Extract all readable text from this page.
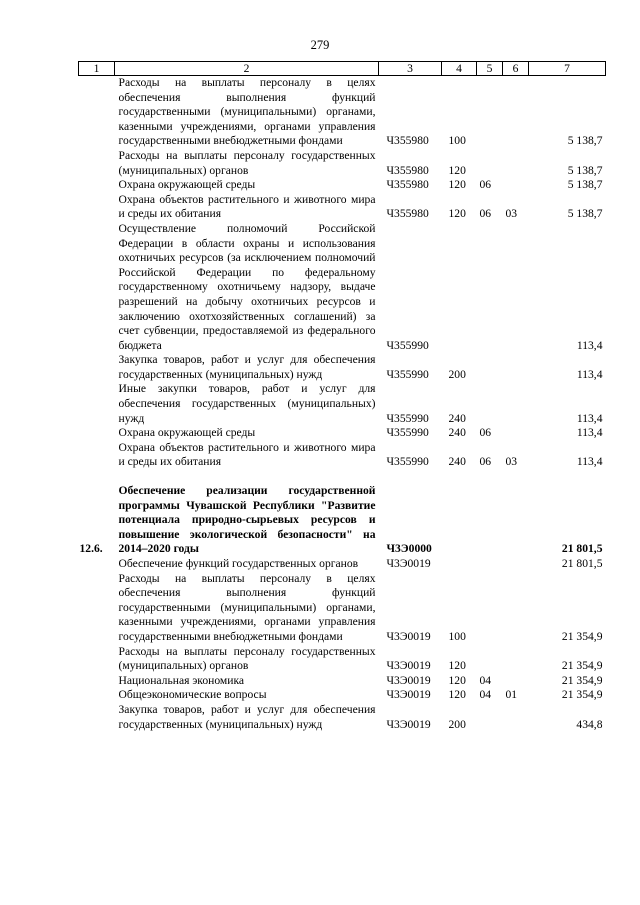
279
1	2	3	4	5	6	7
	Расходы на выплаты персоналу в целях обеспечения выполнения функций государственными (муниципальными) органами, казенными учреждениями, органами управления государственными внебюджетными фондами	Ч355980	100			5 138,7
	Расходы на выплаты персоналу государственных (муниципальных) органов	Ч355980	120			5 138,7
	Охрана окружающей среды	Ч355980	120	06		5 138,7
	Охрана объектов растительного и животного мира и среды их обитания	Ч355980	120	06	03	5 138,7
	Осуществление полномочий Российской Федерации в области охраны и использования охотничьих ресурсов (за исключением полномочий Российской Федерации по федеральному государственному охотничьему надзору, выдаче разрешений на добычу охотничьих ресурсов и заключению охотхозяйственных соглашений) за счет субвенции, предоставляемой из федерального бюджета	Ч355990				113,4
	Закупка товаров, работ и услуг для обеспечения государственных (муниципальных) нужд	Ч355990	200			113,4
	Иные закупки товаров, работ и услуг для обеспечения государственных (муниципальных) нужд	Ч355990	240			113,4
	Охрана окружающей среды	Ч355990	240	06		113,4
	Охрана объектов растительного и животного мира и среды их обитания	Ч355990	240	06	03	113,4

12.6.	Обеспечение реализации государственной программы Чувашской Республики "Развитие потенциала природно-сырьевых ресурсов и повышение экологической безопасности" на 2014–2020 годы	Ч3Э0000				21 801,5
	Обеспечение функций государственных органов	Ч3Э0019				21 801,5
	Расходы на выплаты персоналу в целях обеспечения выполнения функций государственными (муниципальными) органами, казенными учреждениями, органами управления государственными внебюджетными фондами	Ч3Э0019	100			21 354,9
	Расходы на выплаты персоналу государственных (муниципальных) органов	Ч3Э0019	120			21 354,9
	Национальная экономика	Ч3Э0019	120	04		21 354,9
	Общеэкономические вопросы	Ч3Э0019	120	04	01	21 354,9
	Закупка товаров, работ и услуг для обеспечения государственных (муниципальных) нужд	Ч3Э0019	200			434,8
